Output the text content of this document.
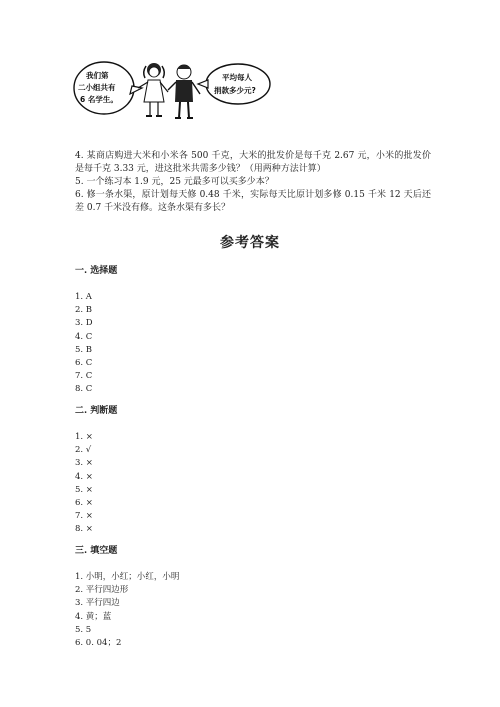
我们第
二小组共有
6 名学生。
平均每人
捐款多少元?

4. 某商店购进大米和小米各 500 千克，大米的批发价是每千克 2.67 元，小米的批发价是每千克 3.33 元，进这批米共需多少钱？（用两种方法计算）

5. 一个练习本 1.9 元，25 元最多可以买多少本？

6. 修一条水渠，原计划每天修 0.48 千米，实际每天比原计划多修 0.15 千米 12 天后还差 0.7 千米没有修。这条水渠有多长？

参考答案
一. 选择题
1. A
2. B
3. D
4. C
5. B
6. C
7. C
8. C
二. 判断题
1. ×
2. √
3. ×
4. ×
5. ×
6. ×
7. ×
8. ×
三. 填空题
1. 小明，小红；小红，小明
2. 平行四边形
3. 平行四边
4. 黄；蓝
5. 5
6. 0. 04；2
